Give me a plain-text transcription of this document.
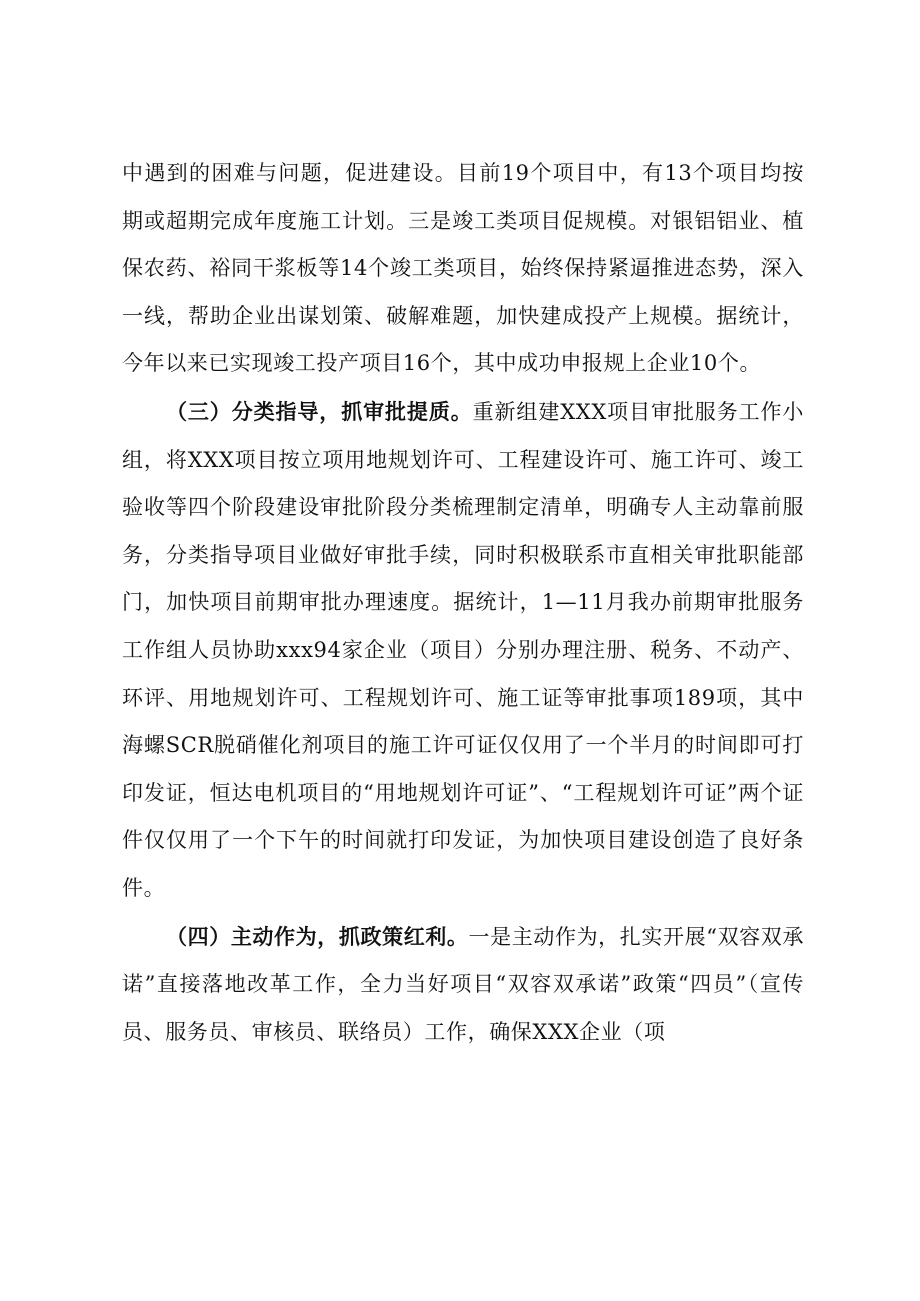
中遇到的困难与问题，促进建设。目前19个项目中，有13个项目均按期或超期完成年度施工计划。三是竣工类项目促规模。对银铝铝业、植保农药、裕同干浆板等14个竣工类项目，始终保持紧逼推进态势，深入一线，帮助企业出谋划策、破解难题，加快建成投产上规模。据统计，今年以来已实现竣工投产项目16个，其中成功申报规上企业10个。

（三）分类指导，抓审批提质。重新组建XXX项目审批服务工作小组，将XXX项目按立项用地规划许可、工程建设许可、施工许可、竣工验收等四个阶段建设审批阶段分类梳理制定清单，明确专人主动靠前服务，分类指导项目业做好审批手续，同时积极联系市直相关审批职能部门，加快项目前期审批办理速度。据统计，1—11月我办前期审批服务工作组人员协助xxx94家企业（项目）分别办理注册、税务、不动产、环评、用地规划许可、工程规划许可、施工证等审批事项189项，其中海螺SCR脱硝催化剂项目的施工许可证仅仅用了一个半月的时间即可打印发证，恒达电机项目的“用地规划许可证”、“工程规划许可证”两个证件仅仅用了一个下午的时间就打印发证，为加快项目建设创造了良好条件。

（四）主动作为，抓政策红利。一是主动作为，扎实开展“双容双承诺”直接落地改革工作，全力当好项目“双容双承诺”政策“四员”（宣传员、服务员、审核员、联络员）工作，确保XXX企业（项
